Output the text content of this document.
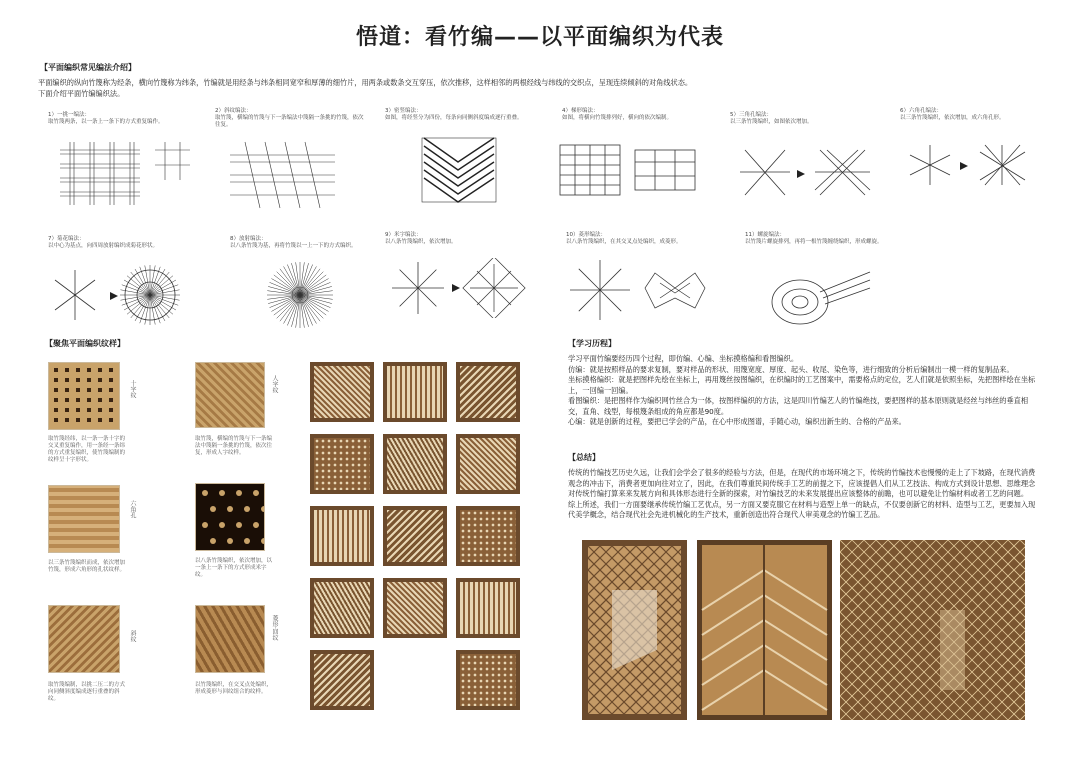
悟道：看竹编——以平面编织为代表
【平面编织常见编法介绍】
平面编织的纵向竹篾称为经条，横向竹篾称为纬条，竹编就是用经条与纬条相同宽窄和厚薄的细竹片，用两条或数条交互穿压，依次推移，这样相邻的两根经线与纬线的交织点，呈现连续倾斜的对角线状态。
下面介绍平面竹编编织法。
1）一挑一编法：
取竹篾两条，以一条上一条下的方式重复编作。
2）斜纹编法：
取竹篾，横编的竹篾与下一条编法中篾隔一条挑的竹篾，依次往复。
3）密竖编法：
如图，将经竖分为四份，每条向同侧斜度编成逐行重叠。
4）梯形编法：
如图，将横向竹篾排列好，横向的依次编制。	5）三角孔编法：
以三条竹篾编织，如图依次增加。
6）六角孔编法：
以三条竹篾编织，依次增加，成六角孔形。
7）菊花编法：
以中心为基点，向四周放射编织成菊花形状。
8）放射编法：
以八条竹篾为基，再将竹篾以一上一下的方式编织。
9）米字编法：
以八条竹篾编织，依次增加。
10）菱形编法：
以八条竹篾编织，在其交叉点处编织，成菱形。
11）螺旋编法：
以竹篾片螺旋排列，再将一根竹篾缠绕编织，形成螺旋。
【聚焦平面编织纹样】
十字纹
取竹篾经纬，以一条一条十字的交叉重复编作，用一条经一条纬的方式重复编织，使竹篾编制的纹样呈十字形状。
人字纹
取竹篾，横编的竹篾与下一条编法中篾隔一条挑的竹篾，依次往复，形成人字纹样。
六角孔
以三条竹篾编织而成，依次增加竹篾，形成六角形的孔状纹样。
以八条竹篾编织，依次增加，以一条上一条下的方式形成米字纹。
斜纹
取竹篾编制，以挑二压二的方式向同侧斜度编成逐行重叠的斜纹。
菱形·回纹
以竹篾编织，在交叉点处编织，形成菱形与回纹组合的纹样。
【学习历程】
学习平面竹编要经历四个过程，即仿编、心编、坐标摸格编和看图编织。
仿编：就是按照样品的要求复制，要对样品的形状、用篾宽度、厚度、起头、收尾、染色等，进行细致的分析后编制出一模一样的复制品来。
坐标摸格编织：就是把图样先绘在坐标上，再用篾丝按图编织，在织编时的工艺图案中，需要格点的定位，艺人们就是依照坐标，先把图样绘在坐标上，一回编一回编。
看图编织：是把图样作为编织网竹丝合为一体，按图样编织的方法，这是四川竹编艺人的竹编绝技，要把图样的基本原则就是经丝与纬丝的垂直相交，直角、线型，每根篾条组成的角应都是90度。
心编：就是创新的过程，要把已学会的产品，在心中形成图谱，手随心动，编织出新生的、合格的产品来。
【总结】
传统的竹编技艺历史久远，让我们会学会了很多的经验与方法，但是，在现代的市场环境之下，传统的竹编技术也慢慢的走上了下坡路，在现代消费观念的冲击下，消费者更加向往对立了，因此，在我们尊重民间传统手工艺的前提之下，应该提倡人们从工艺技法、构成方式到设计思想、思维理念对传统竹编打算来来发展方向和具体形态进行全新的探索，对竹编技艺的未来发展提出应该整体的前瞻，也可以避免让竹编材料或者工艺的问题。
综上所述，我们一方面要继承传统竹编工艺优点，另一方面又要克服它在材料与造型上单一的缺点，不仅要创新它的材料、造型与工艺，更要加入现代美学概念，结合现代社会先进机械化的生产技术，重新创造出符合现代人审美观念的竹编工艺品。
